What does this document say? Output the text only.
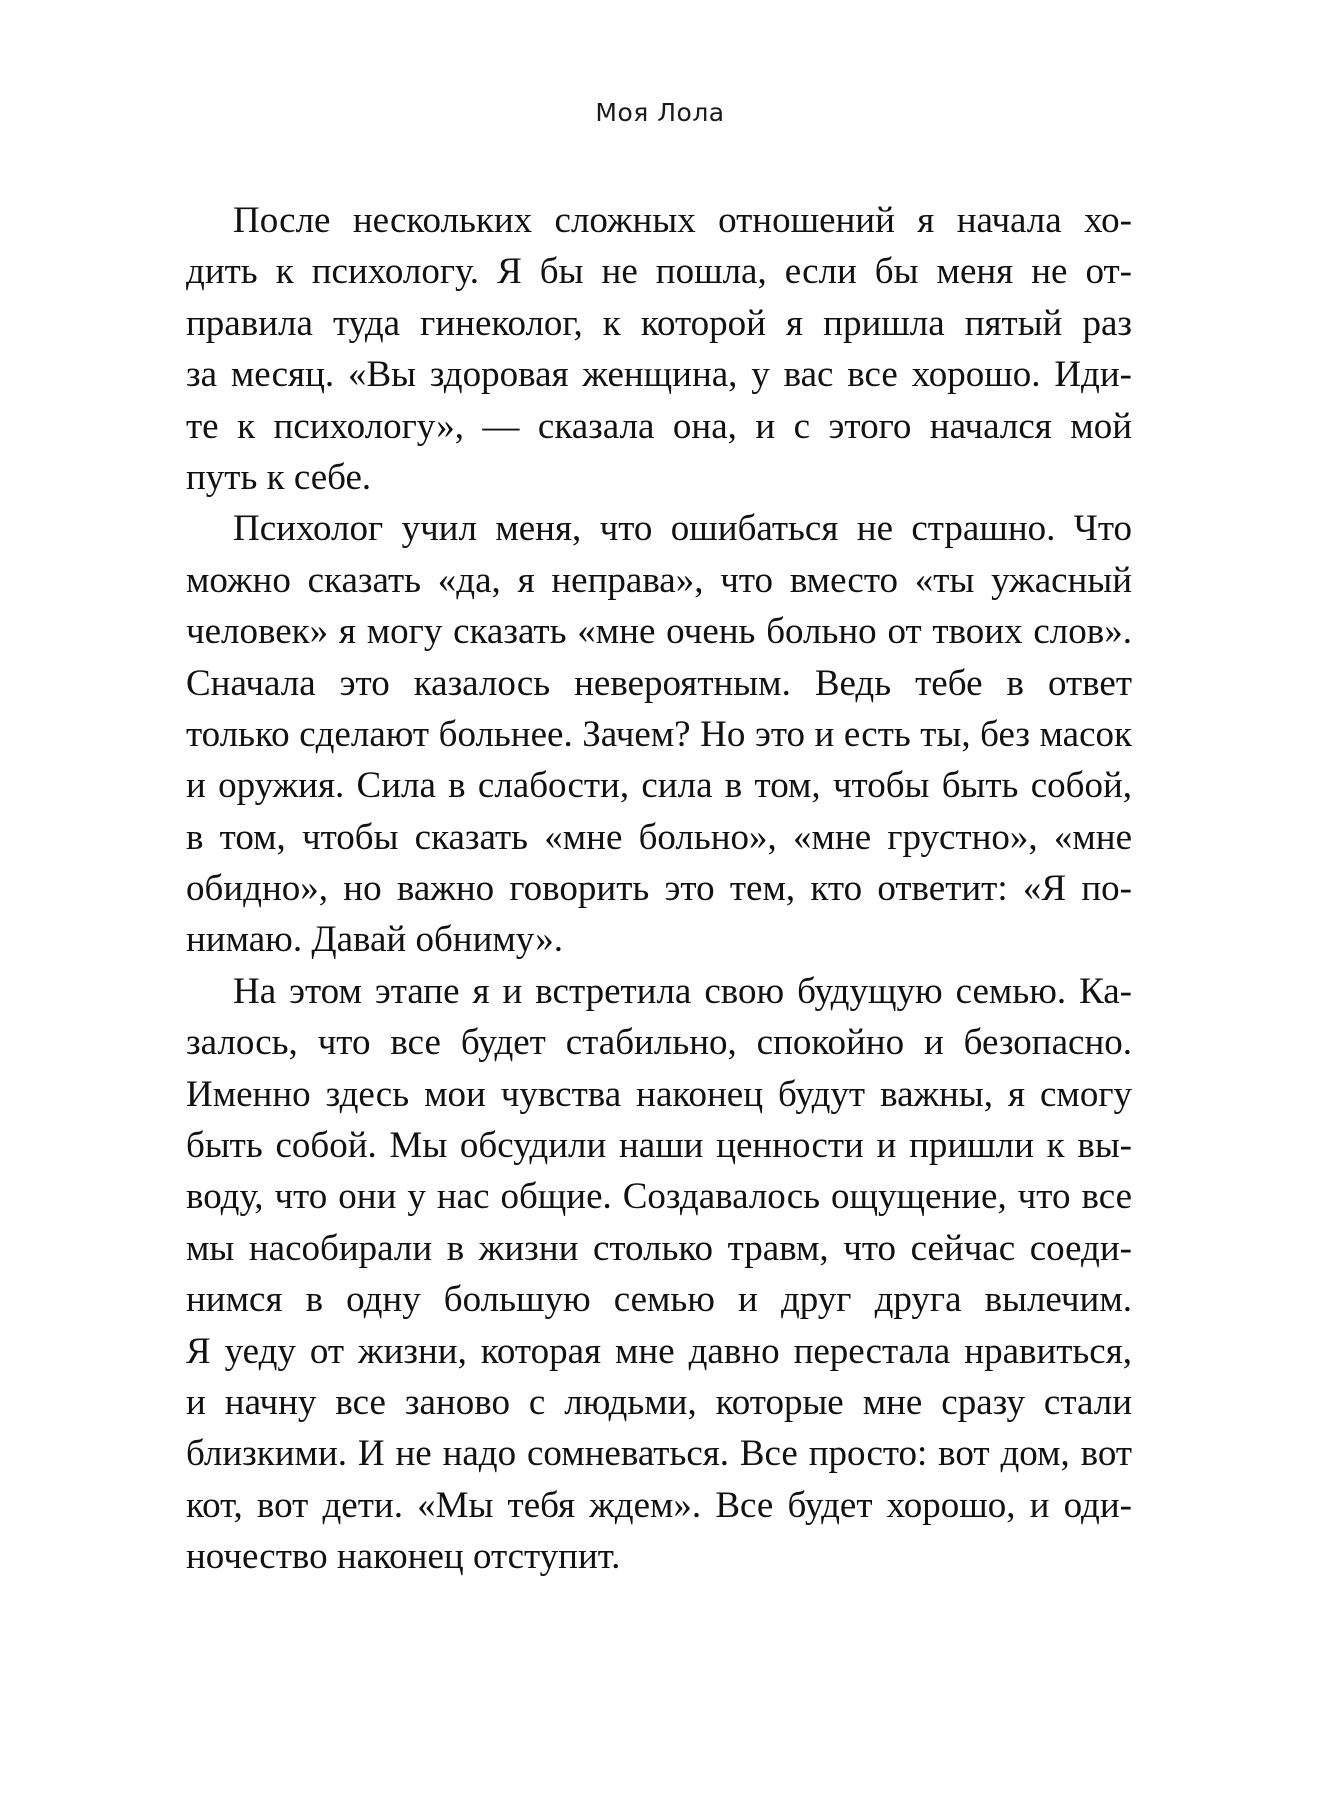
Моя Лола
После нескольких сложных отношений я начала хо-
дить к психологу. Я бы не пошла, если бы меня не от-
правила туда гинеколог, к которой я пришла пятый раз
за месяц. «Вы здоровая женщина, у вас все хорошо. Иди-
те к психологу», — сказала она, и с этого начался мой
путь к себе.
Психолог учил меня, что ошибаться не страшно. Что
можно сказать «да, я неправа», что вместо «ты ужасный
человек» я могу сказать «мне очень больно от твоих слов».
Сначала это казалось невероятным. Ведь тебе в ответ
только сделают больнее. Зачем? Но это и есть ты, без масок
и оружия. Сила в слабости, сила в том, чтобы быть собой,
в том, чтобы сказать «мне больно», «мне грустно», «мне
обидно», но важно говорить это тем, кто ответит: «Я по-
нимаю. Давай обниму».
На этом этапе я и встретила свою будущую семью. Ка-
залось, что все будет стабильно, спокойно и безопасно.
Именно здесь мои чувства наконец будут важны, я смогу
быть собой. Мы обсудили наши ценности и пришли к вы-
воду, что они у нас общие. Создавалось ощущение, что все
мы насобирали в жизни столько травм, что сейчас соеди-
нимся в одну большую семью и друг друга вылечим.
Я уеду от жизни, которая мне давно перестала нравиться,
и начну все заново с людьми, которые мне сразу стали
близкими. И не надо сомневаться. Все просто: вот дом, вот
кот, вот дети. «Мы тебя ждем». Все будет хорошо, и оди-
ночество наконец отступит.
